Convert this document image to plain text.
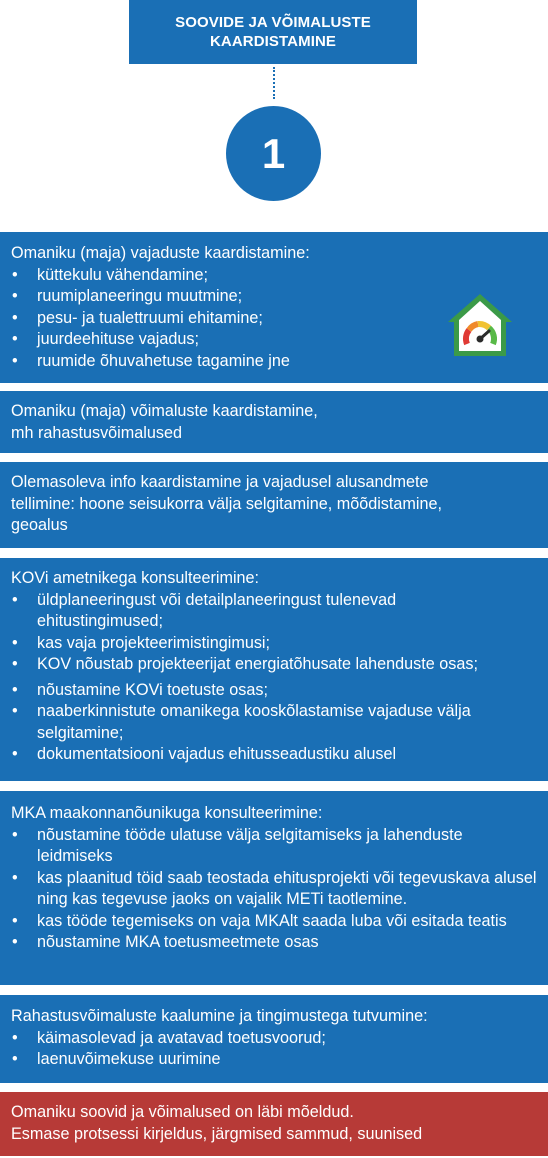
SOOVIDE JA VÕIMALUSTE
KAARDISTAMINE
1

Omaniku (maja) vajaduste kaardistamine:

• küttekulu vähendamine;
• ruumiplaneeringu muutmine;
• pesu- ja tualettruumi ehitamine;
• juurdeehituse vajadus;
• ruumide õhuvahetuse tagamine jne

Omaniku (maja) võimaluste kaardistamine,

mh rahastusvõimalused

Olemasoleva info kaardistamine ja vajadusel alusandmete

tellimine: hoone seisukorra välja selgitamine, mõõdistamine,

geoalus

KOVi ametnikega konsulteerimine:

• üldplaneeringust või detailplaneeringust tulenevad ehitustingimused;
• kas vaja projekteerimistingimusi;
• KOV nõustab projekteerijat energiatõhusate lahenduste osas;
• nõustamine KOVi toetuste osas;
• naaberkinnistute omanikega kooskõlastamise vajaduse välja selgitamine;
• dokumentatsiooni vajadus ehitusseadustiku alusel

MKA maakonnanõunikuga konsulteerimine:

• nõustamine tööde ulatuse välja selgitamiseks ja lahenduste leidmiseks
• kas plaanitud töid saab teostada ehitusprojekti või tegevuskava alusel ning kas tegevuse jaoks on vajalik METi taotlemine.
• kas tööde tegemiseks on vaja MKAlt saada luba või esitada teatis
• nõustamine MKA toetusmeetmete osas

Rahastusvõimaluste kaalumine ja tingimustega tutvumine:

• käimasolevad ja avatavad toetusvoorud;
• laenuvõimekuse uurimine

Omaniku soovid ja võimalused on läbi mõeldud.

Esmase protsessi kirjeldus, järgmised sammud, suunised
